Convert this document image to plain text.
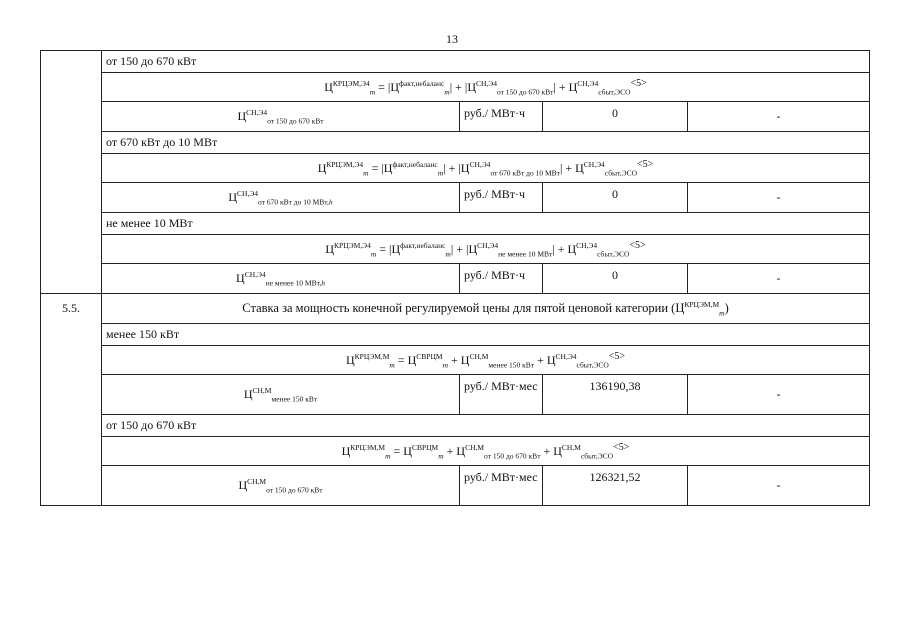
13
	от 150 до 670 кВт			
	$Ц^{КРЦЭМ,Э4}_m = |Ц^{факт,небаланс}_m| + |Ц^{СН,Э4}_{от 150 до 670 кВт}| + Ц^{СН,Э4}_{сбыт,ЭСО}^{<5>}$
	$Ц^{СН,Э4}_{от 150 до 670 кВт}$	руб./ МВт·ч	0	-
	от 670 кВт до 10 МВт			
	$Ц^{КРЦЭМ,Э4}_m = |Ц^{факт,небаланс}_m| + |Ц^{СН,Э4}_{от 670 кВт до 10 МВт}| + Ц^{СН,Э4}_{сбыт,ЭСО}^{<5>}$
	$Ц^{СН,Э4}_{от 670 кВт до 10 МВт,h}$	руб./ МВт·ч	0	-
	не менее 10 МВт			
	$Ц^{КРЦЭМ,Э4}_m = |Ц^{факт,небаланс}_m| + |Ц^{СН,Э4}_{не менее 10 МВт}| + Ц^{СН,Э4}_{сбыт,ЭСО}^{<5>}$
	$Ц^{СН,Э4}_{не менее 10 МВт,h}$	руб./ МВт·ч	0	-
5.5.	Ставка за мощность конечной регулируемой цены для пятой ценовой категории $(Ц^{КРЦЭМ,М}_m)$			
	менее 150 кВт			
	$Ц^{КРЦЭМ,М}_m = Ц^{СВРЦМ}_m + Ц^{СН,М}_{менее 150 кВт} + Ц^{СН,Э4}_{сбыт,ЭСО}^{<5>}$
	$Ц^{СН,М}_{менее 150 кВт}$	руб./ МВт·мес	136190,38	-
	от 150 до 670 кВт			
	$Ц^{КРЦЭМ,М}_m = Ц^{СВРЦМ}_m + Ц^{СН,М}_{от 150 до 670 кВт} + Ц^{СН,М}_{сбыт,ЭСО}^{<5>}$
	$Ц^{СН,М}_{от 150 до 670 кВт}$	руб./ МВт·мес	126321,52	-
